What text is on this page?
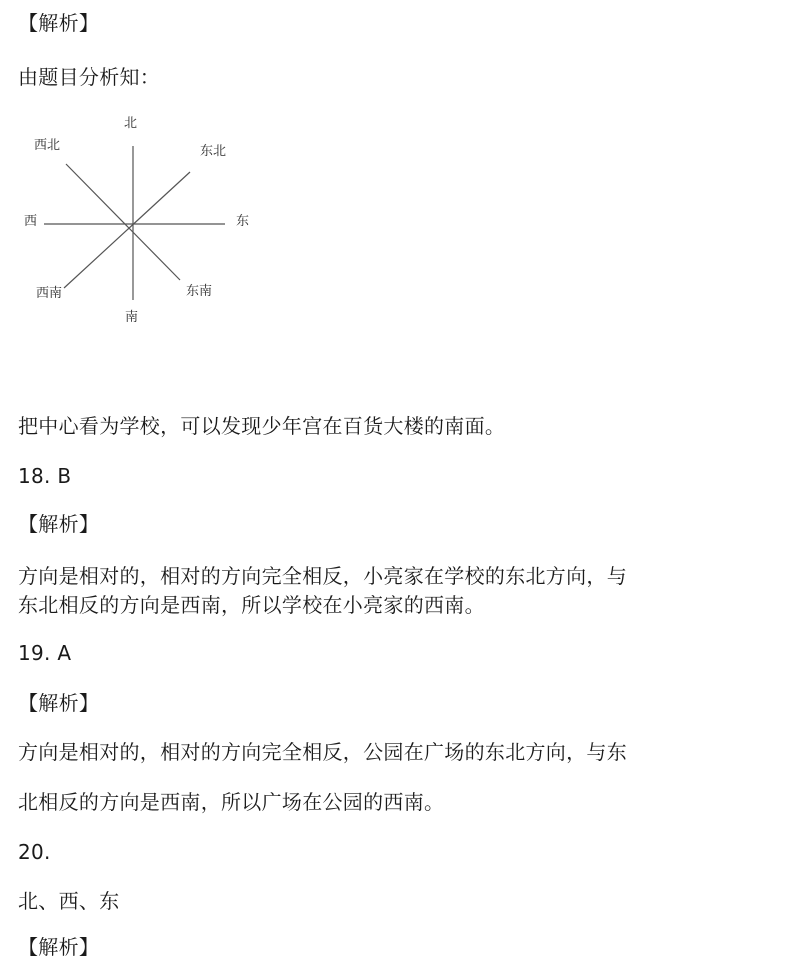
【解析】
由题目分析知：
北
西北	东北
西	东
西南	东南
南
把中心看为学校，可以发现少年宫在百货大楼的南面。
18. B
【解析】
方向是相对的，相对的方向完全相反，小亮家在学校的东北方向，与
东北相反的方向是西南，所以学校在小亮家的西南。
19. A
【解析】
方向是相对的，相对的方向完全相反，公园在广场的东北方向，与东
北相反的方向是西南，所以广场在公园的西南。
20.
北、西、东
【解析】
